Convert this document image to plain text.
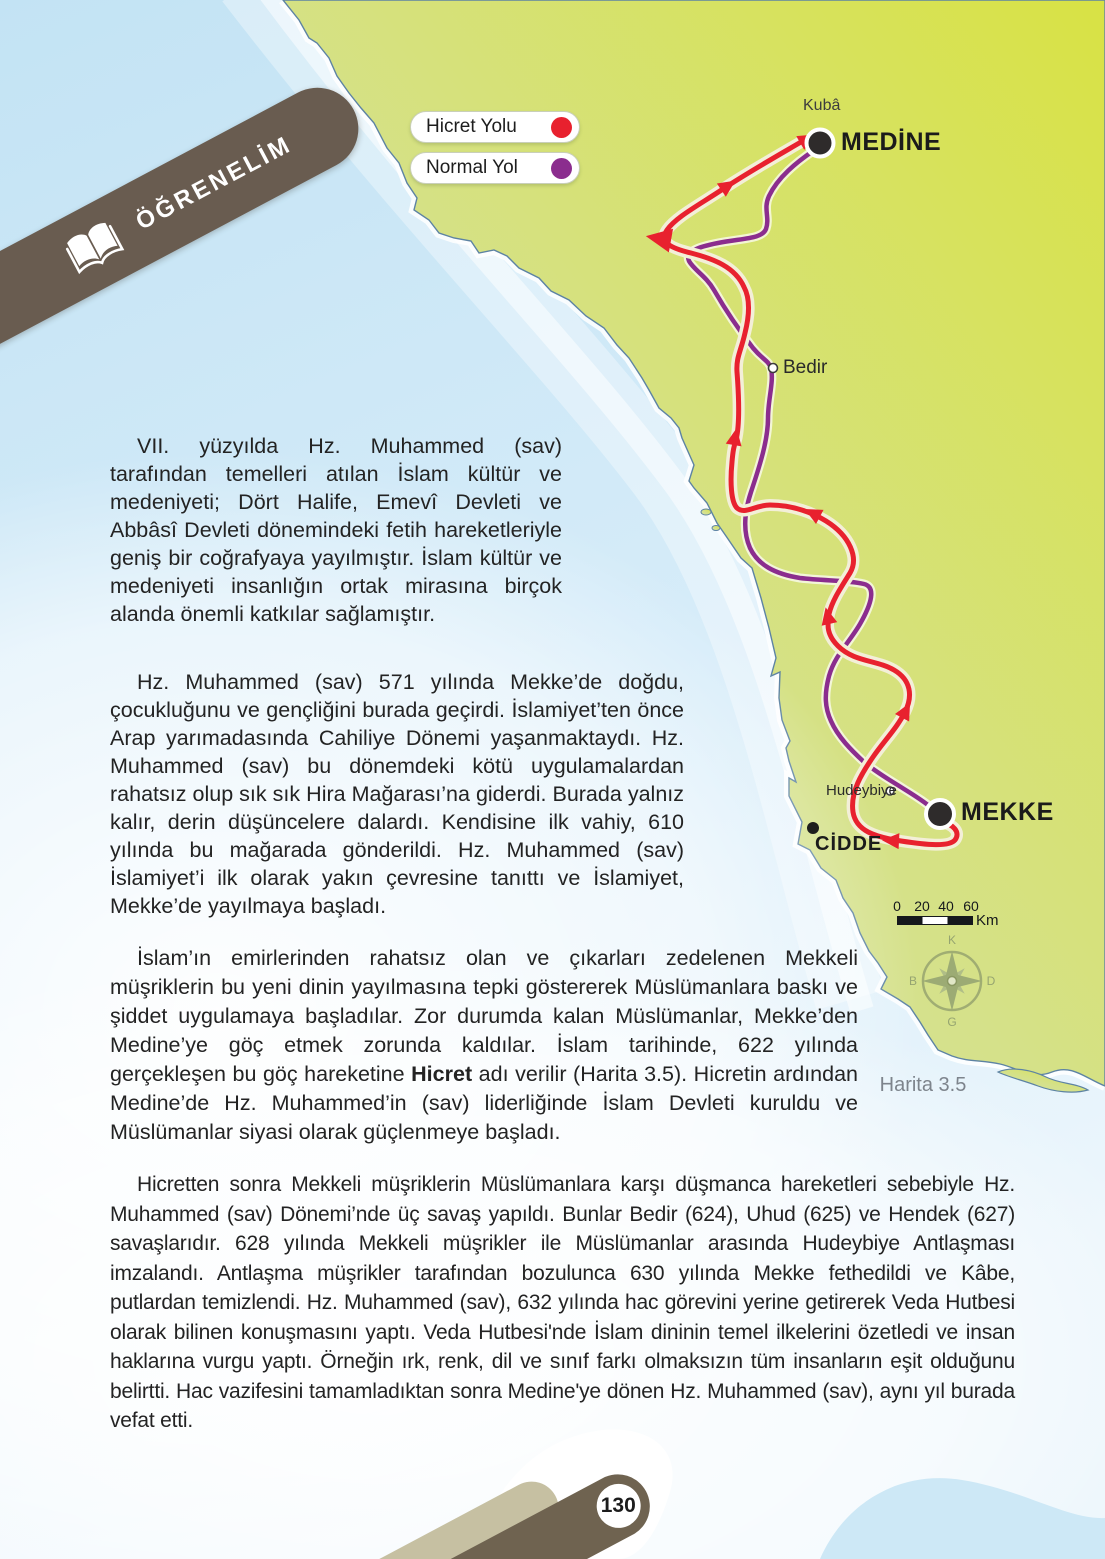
K
D
G
B
Kubâ
MEDİNE
Bedir
Hudeybiye
MEKKE
CİDDE
Harita 3.5
Hicret Yolu
Normal Yol
0 20 40 60
Km
VII. yüzyılda Hz. Muhammed (sav) tarafından temelleri atılan İslam kültür ve medeniyeti; Dört Halife, Emevî Devleti ve Abbâsî Devleti dönemindeki fetih hareketleriyle geniş bir coğrafyaya yayılmıştır. İslam kültür ve medeniyeti insanlığın ortak mirasına birçok alanda önemli katkılar sağlamıştır.
Hz. Muhammed (sav) 571 yılında Mekke’de doğdu, çocukluğunu ve gençliğini burada geçirdi. İslamiyet’ten önce Arap yarımadasında Cahiliye Dönemi yaşanmaktaydı. Hz. Muhammed (sav) bu dönemdeki kötü uygulamalardan rahatsız olup sık sık Hira Mağarası’na giderdi. Burada yalnız kalır, derin düşüncelere dalardı. Kendisine ilk vahiy, 610 yılında bu mağarada gönderildi. Hz. Muhammed (sav) İslamiyet’i ilk olarak yakın çevresine tanıttı ve İslamiyet, Mekke’de yayılmaya başladı.
İslam’ın emirlerinden rahatsız olan ve çıkarları zedelenen Mekkeli müşriklerin bu yeni dinin yayılmasına tepki göstererek Müslümanlara baskı ve şiddet uygulamaya başladılar. Zor durumda kalan Müslümanlar, Mekke’den Medine’ye göç etmek zorunda kaldılar. İslam tarihinde, 622 yılında gerçekleşen bu göç hareketine Hicret adı verilir (Harita 3.5). Hicretin ardından Medine’de Hz. Muhammed’in (sav) liderliğinde İslam Devleti kuruldu ve Müslümanlar siyasi olarak güçlenmeye başladı.
Hicretten sonra Mekkeli müşriklerin Müslümanlara karşı düşmanca hareketleri sebebiyle Hz. Muhammed (sav) Dönemi’nde üç savaş yapıldı. Bunlar Bedir (624), Uhud (625) ve Hendek (627) savaşlarıdır. 628 yılında Mekkeli müşrikler ile Müslümanlar arasında Hudeybiye Antlaşması imzalandı. Antlaşma müşrikler tarafından bozulunca 630 yılında Mekke fethedildi ve Kâbe, putlardan temizlendi. Hz. Muhammed (sav), 632 yılında hac görevini yerine getirerek Veda Hutbesi olarak bilinen konuşmasını yaptı. Veda Hutbesi'nde İslam dininin temel ilkelerini özetledi ve insan haklarına vurgu yaptı. Örneğin ırk, renk, dil ve sınıf farkı olmaksızın tüm insanların eşit olduğunu belirtti. Hac vazifesini tamamladıktan sonra Medine'ye dönen Hz. Muhammed (sav), aynı yıl burada vefat etti.
ÖĞRENELİM
130
